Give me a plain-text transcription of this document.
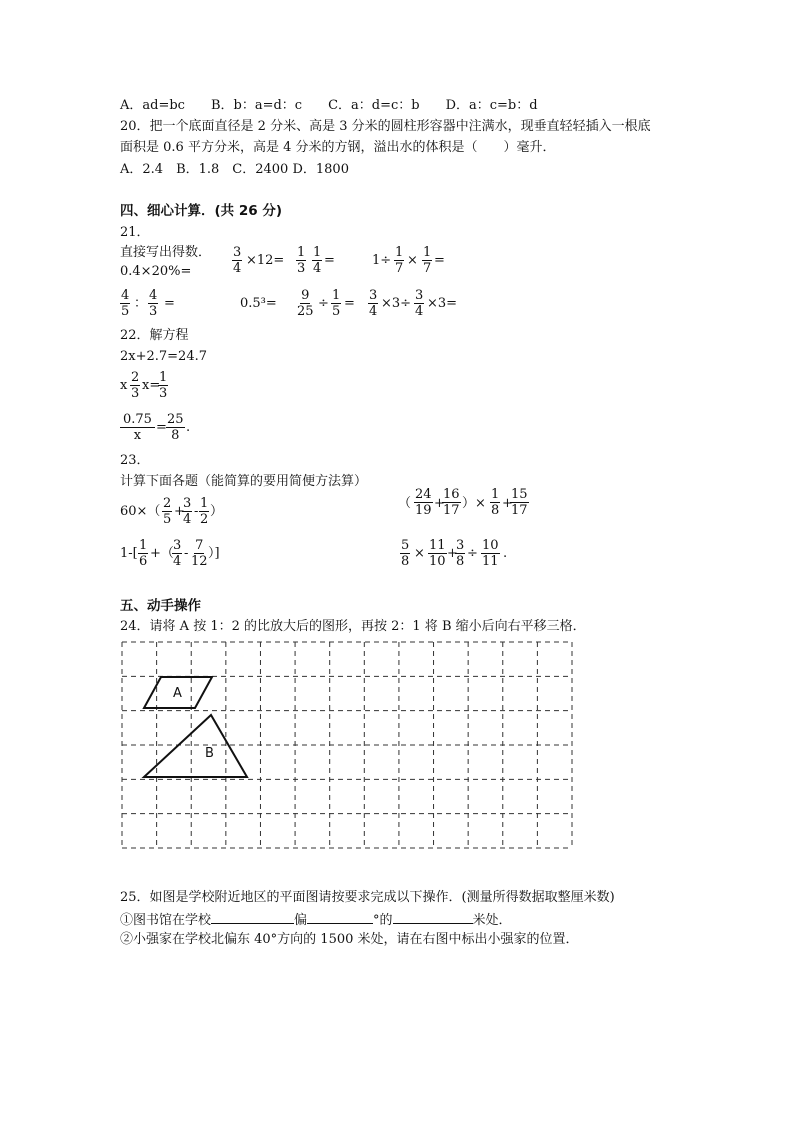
A．ad=bc　　B．b：a=d：c　　C．a：d=c：b　　D．a：c=b：d
20．把一个底面直径是 2 分米、高是 3 分米的圆柱形容器中注满水，现垂直轻轻插入一根底
面积是 0.6 平方分米，高是 4 分米的方钢，溢出水的体积是（　　）毫升．
A．2.4　B．1.8　C．2400 D．1800
四、细心计算．(共 26 分)
21．
直接写出得数．
0.4×20%=
3
4
×12=
1
3
1
4
=	1÷
1
7
×
1
7
=
4
5
：
4
3
=	0.5³=
9
25
÷
1
5
=
3
4
×3÷
3
4
×3=
22．解方程
2x+2.7=24.7
x
2
3
x=
1
3
0.75
x
=
25
8
.
23．
计算下面各题（能简算的要用简便方法算）
60×（
2
5
+
3
4
-
1
2
）
（
24
19 +
16
17 ）×
1
8 +
15
17
1-[
1
6
+（
3
4
-
7
12
）]
5
8
×
11
10
+
3
8
÷
10
11
.
五、动手操作
24．请将 A 按 1：2 的比放大后的图形，再按 2：1 将 B 缩小后向右平移三格．
A
B
25．如图是学校附近地区的平面图请按要求完成以下操作．(测量所得数据取整厘米数)
①图书馆在学校	偏	°的	米处．
②小强家在学校北偏东 40°方向的 1500 米处，请在右图中标出小强家的位置．
